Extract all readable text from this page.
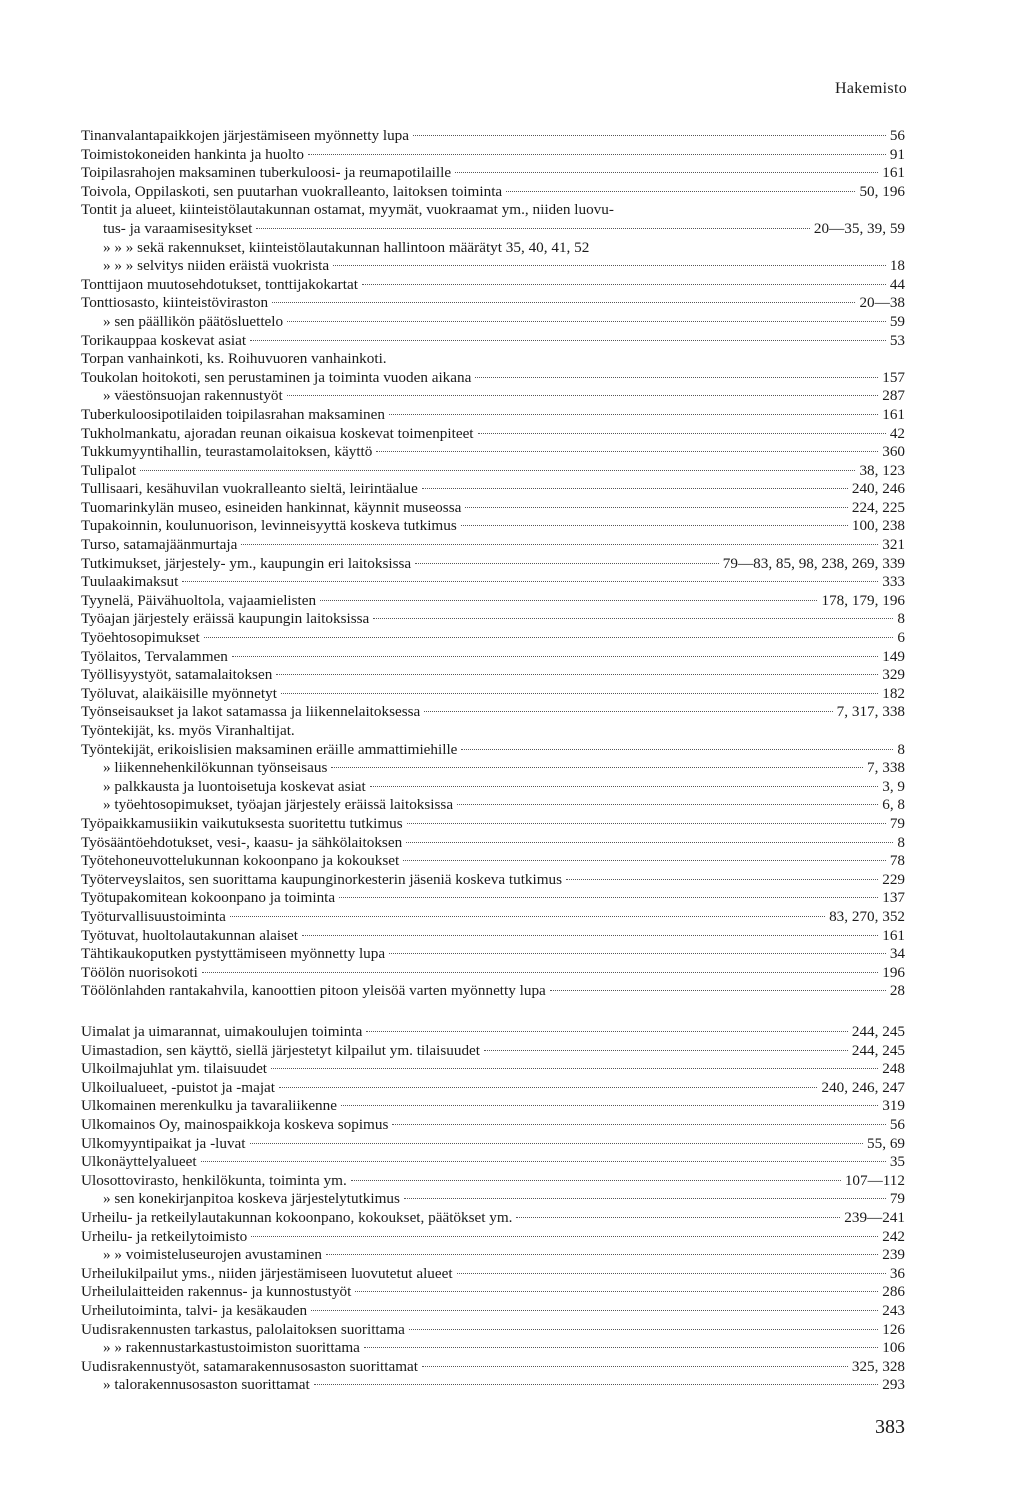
Hakemisto
Tinanvalantapaikkojen järjestämiseen myönnetty lupa	56
Toimistokoneiden hankinta ja huolto	91
Toipilasrahojen maksaminen tuberkuloosi- ja reumapotilaille	161
Toivola, Oppilaskoti, sen puutarhan vuokralleanto, laitoksen toiminta	50, 196
Tontit ja alueet, kiinteistölautakunnan ostamat, myymät, vuokraamat ym., niiden luovu-
tus- ja varaamisesitykset	20—35, 39, 59
» » » sekä rakennukset, kiinteistölautakunnan hallintoon määrätyt 35, 40, 41, 52
» » » selvitys niiden eräistä vuokrista	18
Tonttijaon muutosehdotukset, tonttijakokartat	44
Tonttiosasto, kiinteistöviraston	20—38
» sen päällikön päätösluettelo	59
Torikauppaa koskevat asiat	53
Torpan vanhainkoti, ks. Roihuvuoren vanhainkoti.
Toukolan hoitokoti, sen perustaminen ja toiminta vuoden aikana	157
» väestönsuojan rakennustyöt	287
Tuberkuloosipotilaiden toipilasrahan maksaminen	161
Tukholmankatu, ajoradan reunan oikaisua koskevat toimenpiteet	42
Tukkumyyntihallin, teurastamolaitoksen, käyttö	360
Tulipalot	38, 123
Tullisaari, kesähuvilan vuokralleanto sieltä, leirintäalue	240, 246
Tuomarinkylän museo, esineiden hankinnat, käynnit museossa	224, 225
Tupakoinnin, koulunuorison, levinneisyyttä koskeva tutkimus	100, 238
Turso, satamajäänmurtaja	321
Tutkimukset, järjestely- ym., kaupungin eri laitoksissa	79—83, 85, 98, 238, 269, 339
Tuulaakimaksut	333
Tyynelä, Päivähuoltola, vajaamielisten	178, 179, 196
Työajan järjestely eräissä kaupungin laitoksissa	8
Työehtosopimukset	6
Työlaitos, Tervalammen	149
Työllisyystyöt, satamalaitoksen	329
Työluvat, alaikäisille myönnetyt	182
Työnseisaukset ja lakot satamassa ja liikennelaitoksessa	7, 317, 338
Työntekijät, ks. myös Viranhaltijat.
Työntekijät, erikoislisien maksaminen eräille ammattimiehille	8
» liikennehenkilökunnan työnseisaus	7, 338
» palkkausta ja luontoisetuja koskevat asiat	3, 9
» työehtosopimukset, työajan järjestely eräissä laitoksissa	6, 8
Työpaikkamusiikin vaikutuksesta suoritettu tutkimus	79
Työsääntöehdotukset, vesi-, kaasu- ja sähkölaitoksen	8
Työtehoneuvottelukunnan kokoonpano ja kokoukset	78
Työterveyslaitos, sen suorittama kaupunginorkesterin jäseniä koskeva tutkimus	229
Työtupakomitean kokoonpano ja toiminta	137
Työturvallisuustoiminta	83, 270, 352
Työtuvat, huoltolautakunnan alaiset	161
Tähtikaukoputken pystyttämiseen myönnetty lupa	34
Töölön nuorisokoti	196
Töölönlahden rantakahvila, kanoottien pitoon yleisöä varten myönnetty lupa	28
Uimalat ja uimarannat, uimakoulujen toiminta	244, 245
Uimastadion, sen käyttö, siellä järjestetyt kilpailut ym. tilaisuudet	244, 245
Ulkoilmajuhlat ym. tilaisuudet	248
Ulkoilualueet, -puistot ja -majat	240, 246, 247
Ulkomainen merenkulku ja tavaraliikenne	319
Ulkomainos Oy, mainospaikkoja koskeva sopimus	56
Ulkomyyntipaikat ja -luvat	55, 69
Ulkonäyttelyalueet	35
Ulosottovirasto, henkilökunta, toiminta ym.	107—112
» sen konekirjanpitoa koskeva järjestelytutkimus	79
Urheilu- ja retkeilylautakunnan kokoonpano, kokoukset, päätökset ym.	239—241
Urheilu- ja retkeilytoimisto	242
» » voimisteluseurojen avustaminen	239
Urheilukilpailut yms., niiden järjestämiseen luovutetut alueet	36
Urheilulaitteiden rakennus- ja kunnostustyöt	286
Urheilutoiminta, talvi- ja kesäkauden	243
Uudisrakennusten tarkastus, palolaitoksen suorittama	126
» » rakennustarkastustoimiston suorittama	106
Uudisrakennustyöt, satamarakennusosaston suorittamat	325, 328
» talorakennusosaston suorittamat	293
383
